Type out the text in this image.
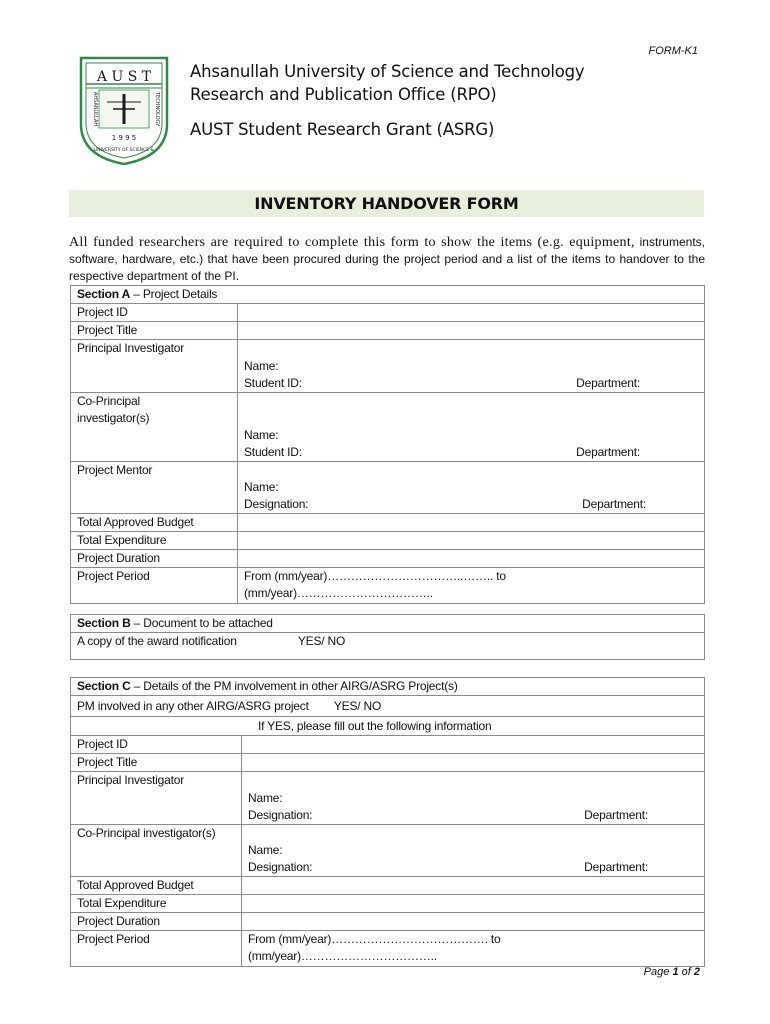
FORM-K1
A U S T
AHSANULLAH	TECHNOLOGY
1 9 9 5
UNIVERSITY OF SCIENCE &
Ahsanullah University of Science and Technology
Research and Publication Office (RPO)
AUST Student Research Grant (ASRG)
INVENTORY HANDOVER FORM
All funded researchers are required to complete this form to show the items (e.g. equipment, instruments, software, hardware, etc.) that have been procured during the project period and a list of the items to handover to the respective department of the PI.
Section A – Project Details	
Project ID	
Project Title	
Principal Investigator	

	Name:
Student ID: Department:

Co-Principal
investigator(s)	

	Name:
Student ID: Department:

Project Mentor	

	Name:
Designation: Department:

Total Approved Budget	
Total Expenditure	
Project Duration	
Project Period	From (mm/year)……………………………..…….. to
(mm/year)……………………………..
Section B – Document to be attached
A copy of the award notification	YES/ NO
Section C – Details of the PM involvement in other AIRG/ASRG Project(s)	
PM involved in any other AIRG/ASRG project YES/ NO	
If YES, please fill out the following information	
Project ID	
Project Title	
Principal Investigator	

	Name:
Designation: Department:

Co-Principal investigator(s)	

	Name:
Designation: Department:

Total Approved Budget	
Total Expenditure	
Project Duration	
Project Period	From (mm/year)…………………………………. to
(mm/year)……………………………..
Page 1 of 2
